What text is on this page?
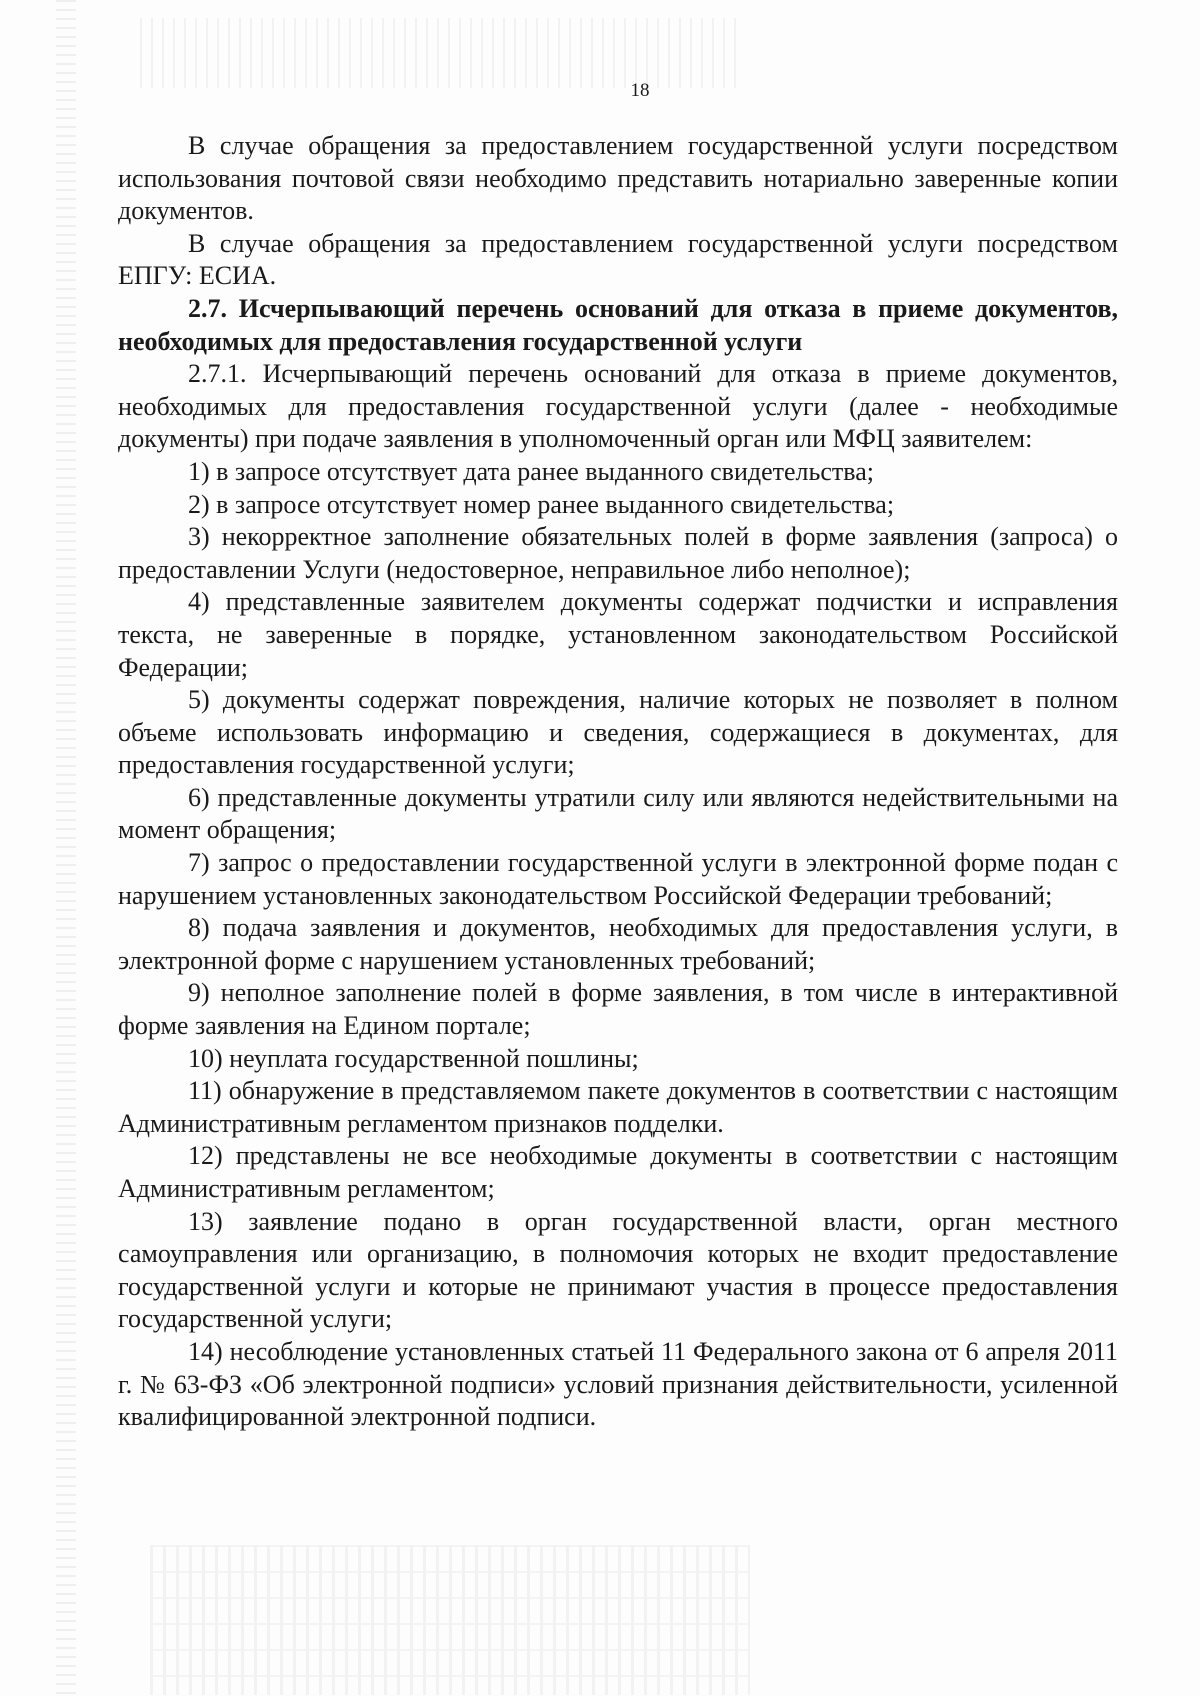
18

В случае обращения за предоставлением государственной услуги посредством использования почтовой связи необходимо представить нотариально заверенные копии документов.

В случае обращения за предоставлением государственной услуги посредством ЕПГУ: ЕСИА.

2.7. Исчерпывающий перечень оснований для отказа в приеме документов, необходимых для предоставления государственной услуги

2.7.1. Исчерпывающий перечень оснований для отказа в приеме документов, необходимых для предоставления государственной услуги (далее - необходимые документы) при подаче заявления в уполномоченный орган или МФЦ заявителем:

1) в запросе отсутствует дата ранее выданного свидетельства;

2) в запросе отсутствует номер ранее выданного свидетельства;

3) некорректное заполнение обязательных полей в форме заявления (запроса) о предоставлении Услуги (недостоверное, неправильное либо неполное);

4) представленные заявителем документы содержат подчистки и исправления текста, не заверенные в порядке, установленном законодательством Российской Федерации;

5) документы содержат повреждения, наличие которых не позволяет в полном объеме использовать информацию и сведения, содержащиеся в документах, для предоставления государственной услуги;

6) представленные документы утратили силу или являются недействительными на момент обращения;

7) запрос о предоставлении государственной услуги в электронной форме подан с нарушением установленных законодательством Российской Федерации требований;

8) подача заявления и документов, необходимых для предоставления услуги, в электронной форме с нарушением установленных требований;

9) неполное заполнение полей в форме заявления, в том числе в интерактивной форме заявления на Едином портале;

10) неуплата государственной пошлины;

11) обнаружение в представляемом пакете документов в соответствии с настоящим Административным регламентом признаков подделки.

12) представлены не все необходимые документы в соответствии с настоящим Административным регламентом;

13) заявление подано в орган государственной власти, орган местного самоуправления или организацию, в полномочия которых не входит предоставление государственной услуги и которые не принимают участия в процессе предоставления государственной услуги;

14) несоблюдение установленных статьей 11 Федерального закона от 6 апреля 2011 г. № 63-ФЗ «Об электронной подписи» условий признания действительности, усиленной квалифицированной электронной подписи.
